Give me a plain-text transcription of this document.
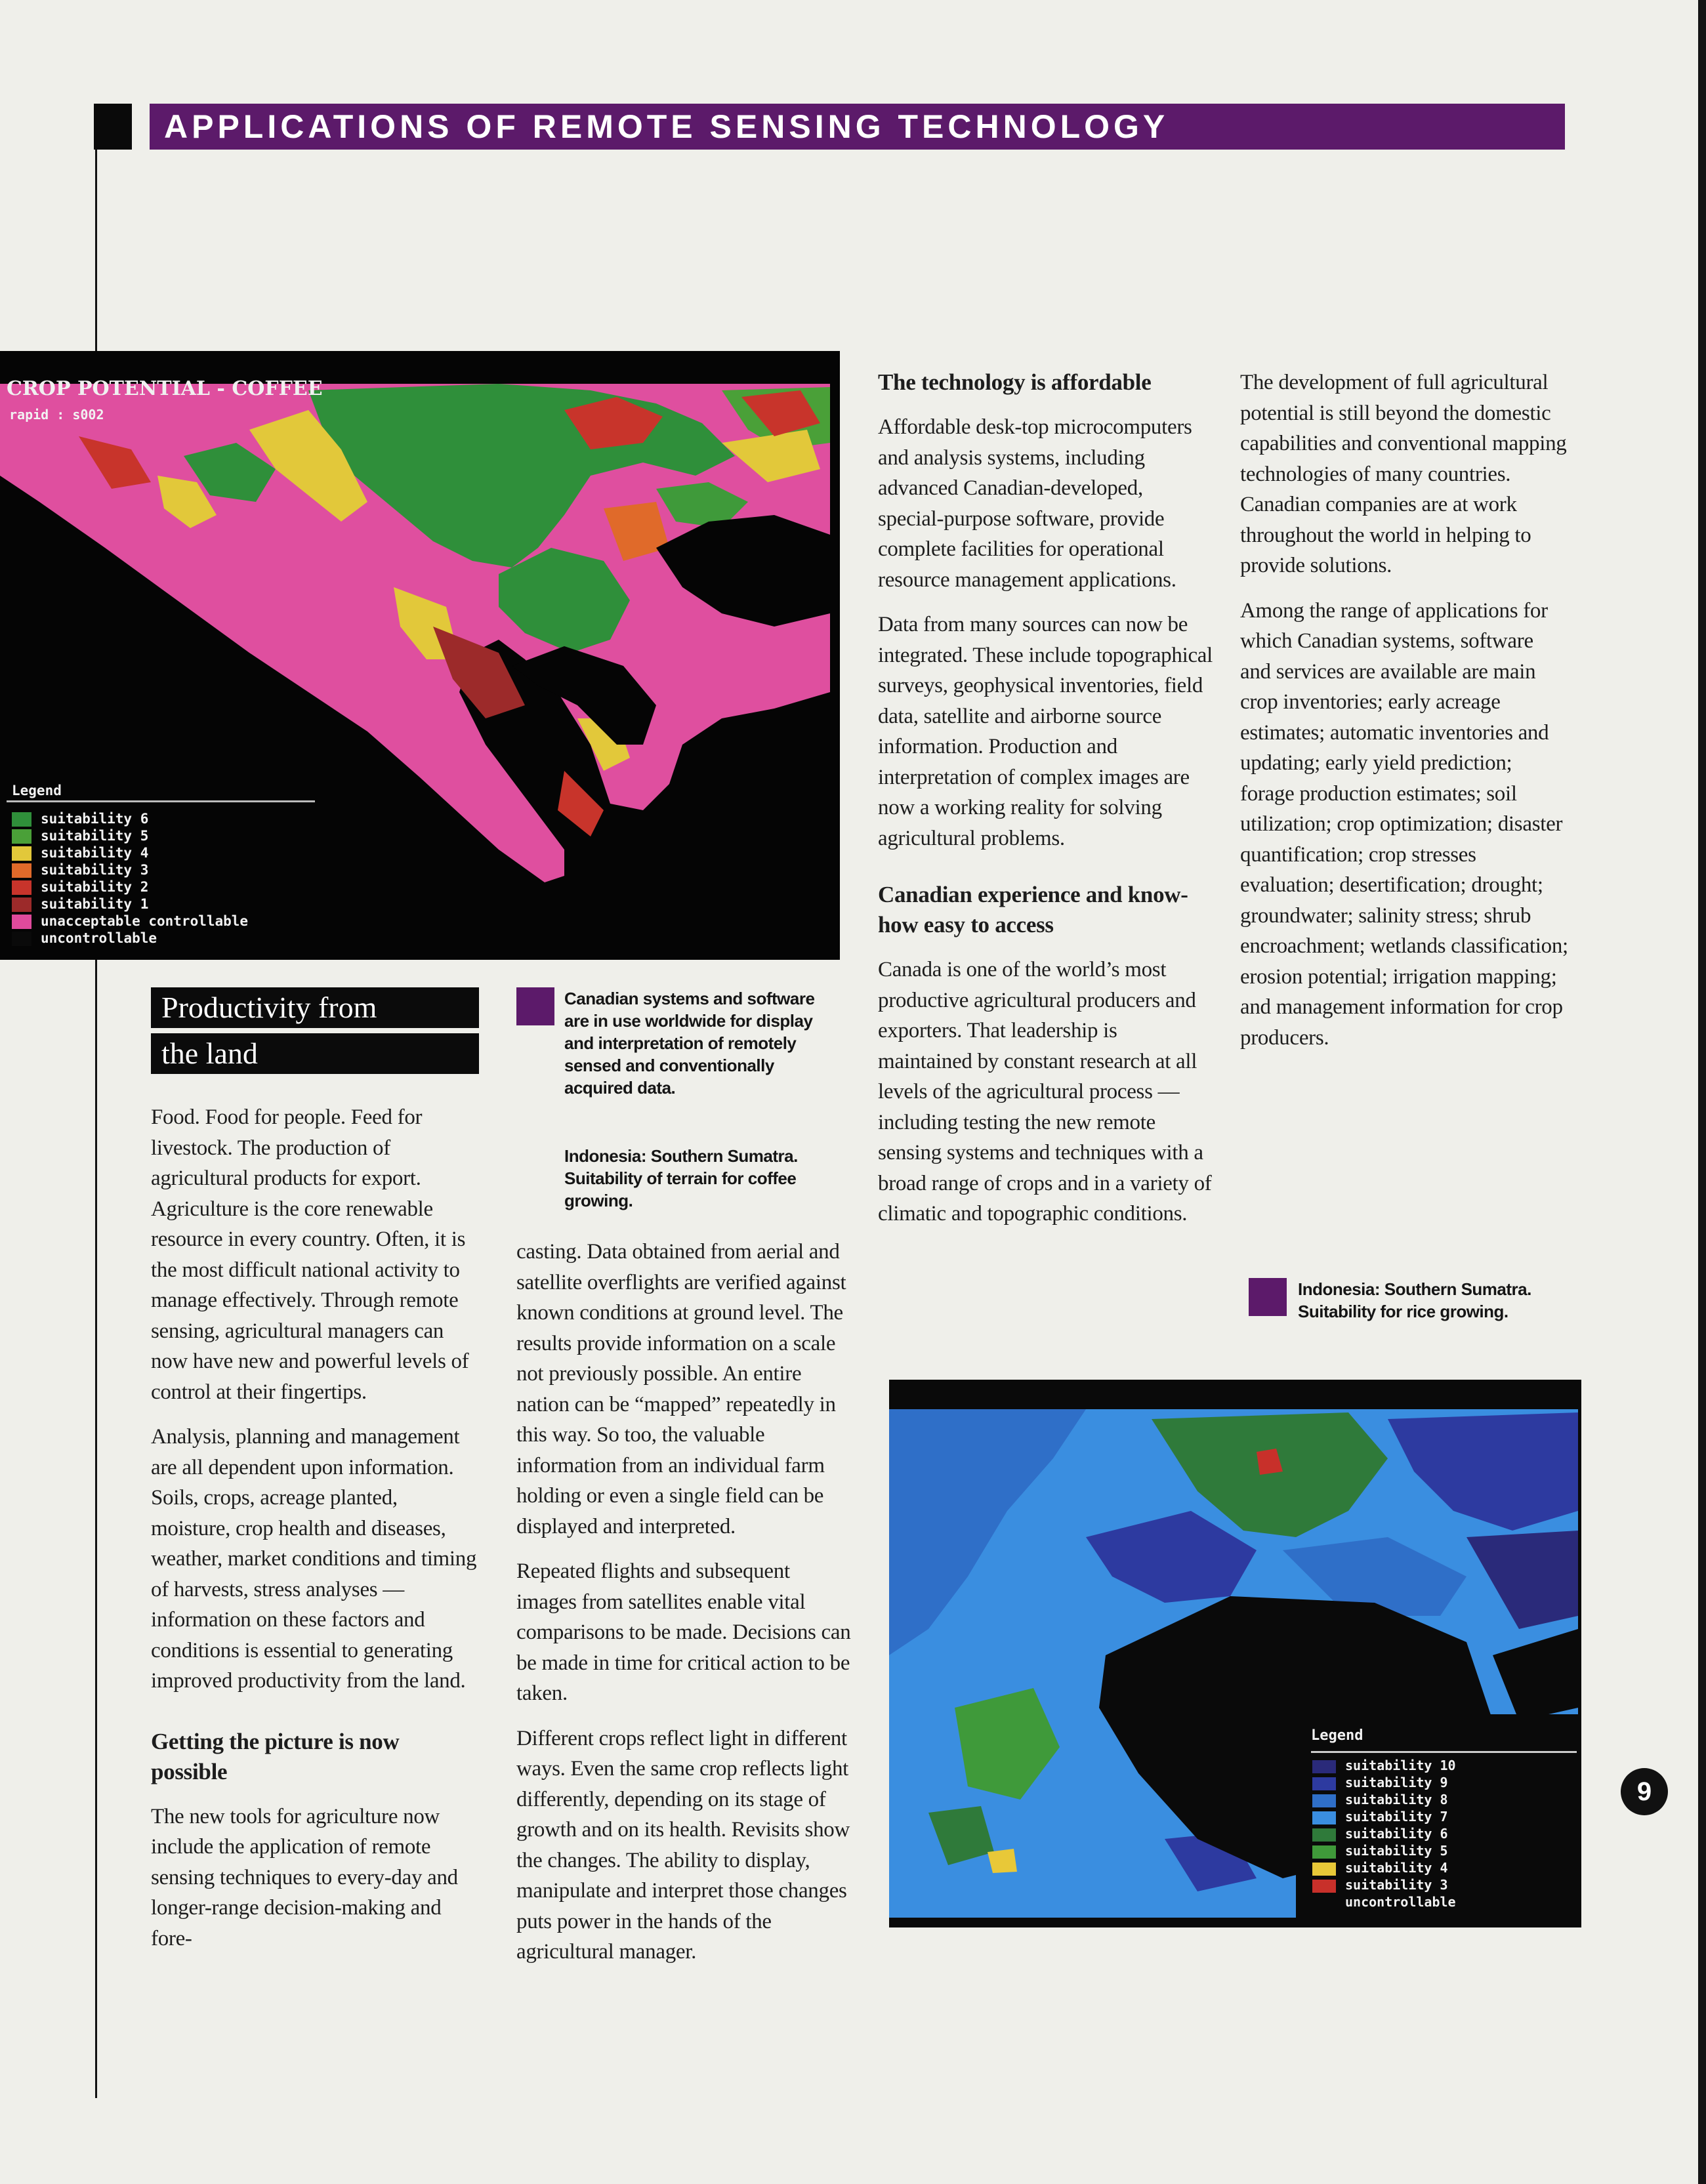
APPLICATIONS OF REMOTE SENSING TECHNOLOGY
CROP POTENTIAL - COFFEE
rapid : s002
Legend
suitability 6
suitability 5
suitability 4
suitability 3
suitability 2
suitability 1
unacceptable controllable
uncontrollable
Productivity from
the land

Food. Food for people. Feed for livestock. The production of agricultural products for export. Agriculture is the core renewable resource in every country. Often, it is the most difficult national activity to manage effectively. Through remote sensing, agricultural managers can now have new and powerful levels of control at their fingertips.

Analysis, planning and management are all dependent upon information. Soils, crops, acreage planted, moisture, crop health and diseases, weather, market conditions and timing of harvests, stress analyses — information on these factors and conditions is essential to generating improved productivity from the land.

Getting the picture is now possible

The new tools for agriculture now include the application of remote sensing techniques to every-day and longer-range decision-making and fore-

Canadian systems and software are in use worldwide for display and interpretation of remotely sensed and conventionally acquired data.
Indonesia: Southern Sumatra. Suitability of terrain for coffee growing.

casting. Data obtained from aerial and satellite overflights are verified against known conditions at ground level. The results provide information on a scale not previously possible. An entire nation can be “mapped” repeatedly in this way. So too, the valuable information from an individual farm holding or even a single field can be displayed and interpreted.

Repeated flights and subsequent images from satellites enable vital comparisons to be made. Decisions can be made in time for critical action to be taken.

Different crops reflect light in different ways. Even the same crop reflects light differently, depending on its stage of growth and on its health. Revisits show the changes. The ability to display, manipulate and interpret those changes puts power in the hands of the agricultural manager.

The technology is affordable

Affordable desk-top microcomputers and analysis systems, including advanced Canadian-developed, special-purpose software, provide complete facilities for operational resource management applications.

Data from many sources can now be integrated. These include topographical surveys, geophysical inventories, field data, satellite and airborne source information. Production and interpretation of complex images are now a working reality for solving agricultural problems.

Canadian experience and know-how easy to access

Canada is one of the world’s most productive agricultural producers and exporters. That leadership is maintained by constant research at all levels of the agricultural process — including testing the new remote sensing systems and techniques with a broad range of crops and in a variety of climatic and topographic conditions.

The development of full agricultural potential is still beyond the domestic capabilities and conventional mapping technologies of many countries. Canadian companies are at work throughout the world in helping to provide solutions.

Among the range of applications for which Canadian systems, software and services are available are main crop inventories; early acreage estimates; automatic inventories and updating; early yield prediction; forage production estimates; soil utilization; crop optimization; disaster quantification; crop stresses evaluation; desertification; drought; groundwater; salinity stress; shrub encroachment; wetlands classification; erosion potential; irrigation mapping; and management information for crop producers.

Indonesia: Southern Sumatra. Suitability for rice growing.
Legend
suitability 10
suitability 9
suitability 8
suitability 7
suitability 6
suitability 5
suitability 4
suitability 3
uncontrollable
9
